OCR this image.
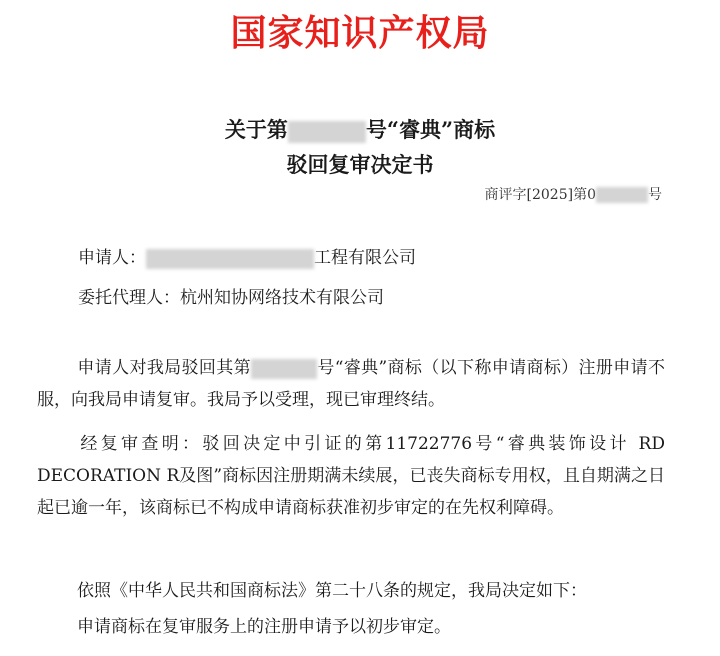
国家知识产权局
关于第	号“睿典”商标
驳回复审决定书
商评字[2025]第0	号
申请人：	工程有限公司
委托代理人：杭州知协网络技术有限公司
申请人对我局驳回其第	号“睿典”商标（以下称申请商标）注册申请不服，向我局申请复审。我局予以受理，现已审理终结。
经复审查明：驳回决定中引证的第11722776号“睿典装饰设计 RD DECORATION R及图”商标因注册期满未续展，已丧失商标专用权，且自期满之日起已逾一年，该商标已不构成申请商标获准初步审定的在先权利障碍。
依照《中华人民共和国商标法》第二十八条的规定，我局决定如下：
申请商标在复审服务上的注册申请予以初步审定。
